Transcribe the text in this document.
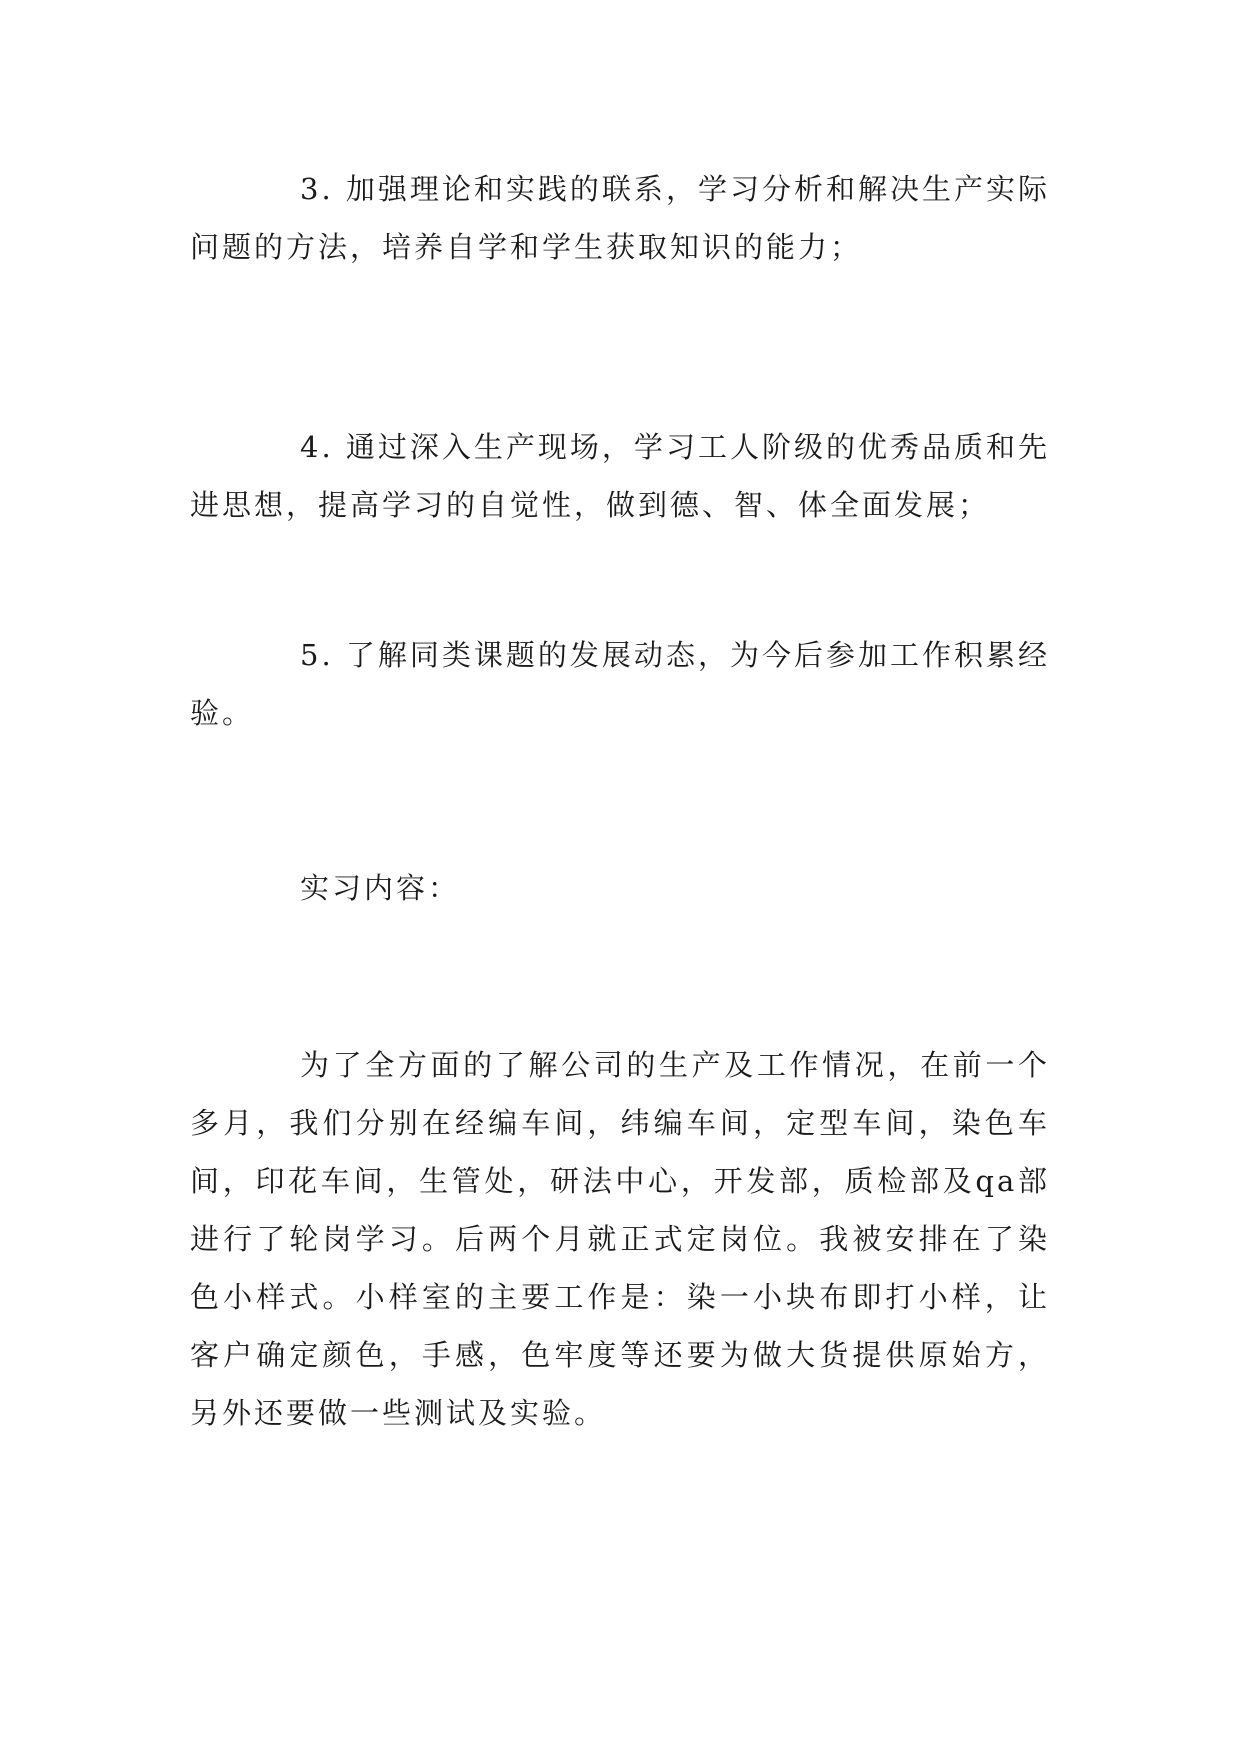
3. 加强理论和实践的联系，学习分析和解决生产实际问题的方法，培养自学和学生获取知识的能力；

4. 通过深入生产现场，学习工人阶级的优秀品质和先进思想，提高学习的自觉性，做到德、智、体全面发展；

5. 了解同类课题的发展动态，为今后参加工作积累经验。

实习内容：

为了全方面的了解公司的生产及工作情况，在前一个多月，我们分别在经编车间，纬编车间，定型车间，染色车间，印花车间，生管处，研法中心，开发部，质检部及qa部进行了轮岗学习。后两个月就正式定岗位。我被安排在了染色小样式。小样室的主要工作是：染一小块布即打小样，让客户确定颜色，手感，色牢度等还要为做大货提供原始方，另外还要做一些测试及实验。
